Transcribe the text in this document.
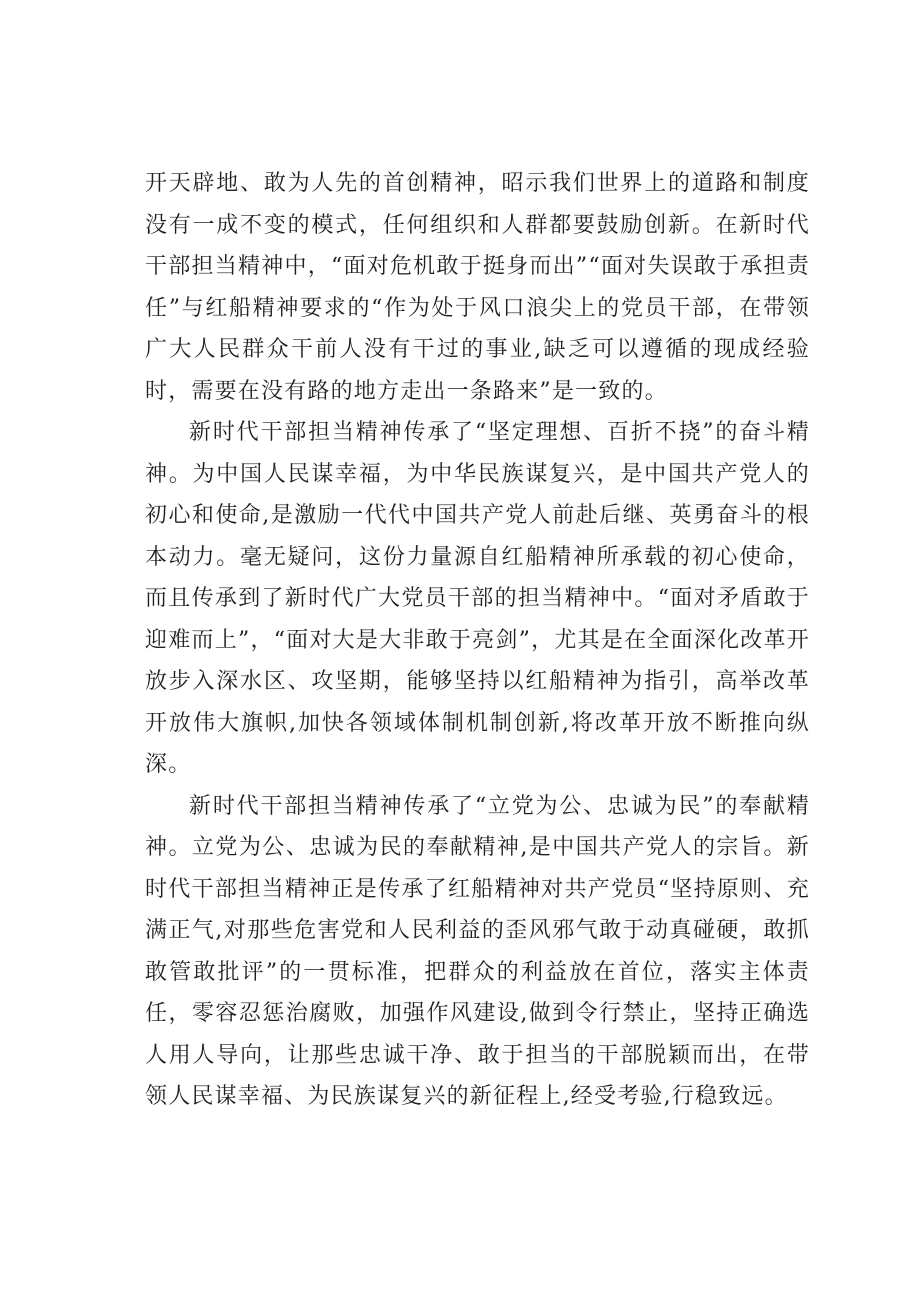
开天辟地、敢为人先的首创精神，昭示我们世界上的道路和制度没有一成不变的模式，任何组织和人群都要鼓励创新。在新时代干部担当精神中，“面对危机敢于挺身而出”“面对失误敢于承担责任”与红船精神要求的“作为处于风口浪尖上的党员干部，在带领广大人民群众干前人没有干过的事业,缺乏可以遵循的现成经验时，需要在没有路的地方走出一条路来”是一致的。

新时代干部担当精神传承了“坚定理想、百折不挠”的奋斗精神。为中国人民谋幸福，为中华民族谋复兴，是中国共产党人的初心和使命,是激励一代代中国共产党人前赴后继、英勇奋斗的根本动力。毫无疑问，这份力量源自红船精神所承载的初心使命，而且传承到了新时代广大党员干部的担当精神中。“面对矛盾敢于迎难而上”，“面对大是大非敢于亮剑”，尤其是在全面深化改革开放步入深水区、攻坚期，能够坚持以红船精神为指引，高举改革开放伟大旗帜,加快各领域体制机制创新,将改革开放不断推向纵深。

新时代干部担当精神传承了“立党为公、忠诚为民”的奉献精神。立党为公、忠诚为民的奉献精神,是中国共产党人的宗旨。新时代干部担当精神正是传承了红船精神对共产党员“坚持原则、充满正气,对那些危害党和人民利益的歪风邪气敢于动真碰硬，敢抓敢管敢批评”的一贯标准，把群众的利益放在首位，落实主体责任，零容忍惩治腐败，加强作风建设,做到令行禁止，坚持正确选人用人导向，让那些忠诚干净、敢于担当的干部脱颖而出，在带领人民谋幸福、为民族谋复兴的新征程上,经受考验,行稳致远。
